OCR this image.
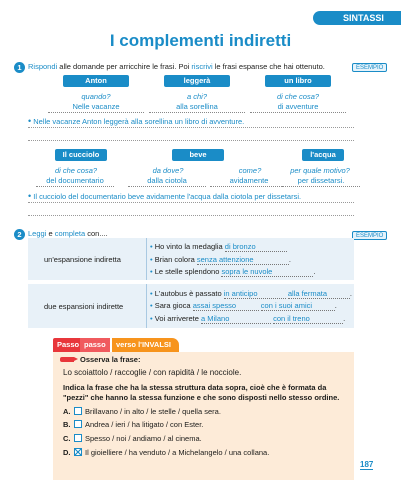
SINTASSI
I complementi indiretti
1 Rispondi alle domande per arricchire le frasi. Poi riscrivi le frasi espanse che hai ottenuto.	ESEMPIO
Anton	leggerà	un libro
quando?	a chi?	di che cosa?
Nelle vacanze	alla sorellina	di avventure
• Nelle vacanze Anton leggerà alla sorellina un libro di avventure.
Il cucciolo	beve	l'acqua
di che cosa?	da dove?	come?	per quale motivo?
del documentario	dalla ciotola	avidamente	per dissetarsi.
• Il cucciolo del documentario beve avidamente l'acqua dalla ciotola per dissetarsi.
2 Leggi e completa con....	ESEMPIO
un'espansione indiretta
• Ho vinto la medaglia di bronzo
• Brian colora senza attenzione	.
• Le stelle splendono sopra le nuvole	.
due espansioni indirette
• L'autobus è passato in anticipo	alla fermata	.
• Sara gioca assai spesso	con i suoi amici	.
• Voi arriverete a Milano	con il treno	.
Passo passo	verso l'INVALSI
Osserva la frase:
Lo scoiattolo / raccoglie / con rapidità / le nocciole.
Indica la frase che ha la stessa struttura data sopra, cioè che è formata da "pezzi" che hanno la stessa funzione e che sono disposti nello stesso ordine.
A. Brillavano / in alto / le stelle / quella sera.
B. Andrea / ieri / ha litigato / con Ester.
C. Spesso / noi / andiamo / al cinema.
D. Il gioielliere / ha venduto / a Michelangelo / una collana.
187
